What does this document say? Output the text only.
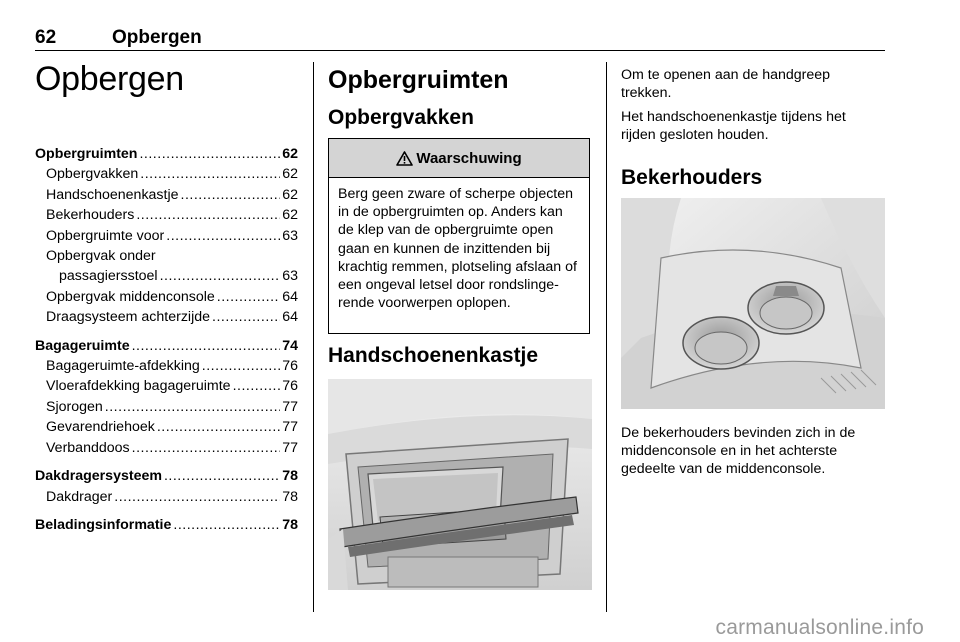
62	Opbergen
Opbergen
Opbergruimten .....	62
Opbergvakken .....	62
Handschoenenkastje .....	62
Bekerhouders .....	62
Opbergruimte voor .....	63
Opbergvak onder
passagiersstoel .....	63
Opbergvak middenconsole .....	64
Draagsysteem achterzijde .....	64
Bagageruimte .....	74
Bagageruimte-afdekking .....	76
Vloerafdekking bagageruimte .....	76
Sjorogen .....	77
Gevarendriehoek .....	77
Verbanddoos .....	77
Dakdragersysteem .....	78
Dakdrager .....	78
Beladingsinformatie .....	78
Opbergruimten
Opbergvakken
Waarschuwing
Berg geen zware of scherpe objecten in de opbergruimten op. Anders kan de klep van de opbergruimte open gaan en kunnen de inzittenden bij krachtig remmen, plotseling afslaan of een ongeval letsel door rondslinge-rende voorwerpen oplopen.
Handschoenenkastje
Om te openen aan de handgreep trekken.
Het handschoenenkastje tijdens het rijden gesloten houden.
Bekerhouders
De bekerhouders bevinden zich in de middenconsole en in het achterste gedeelte van de middenconsole.
carmanualsonline.info
